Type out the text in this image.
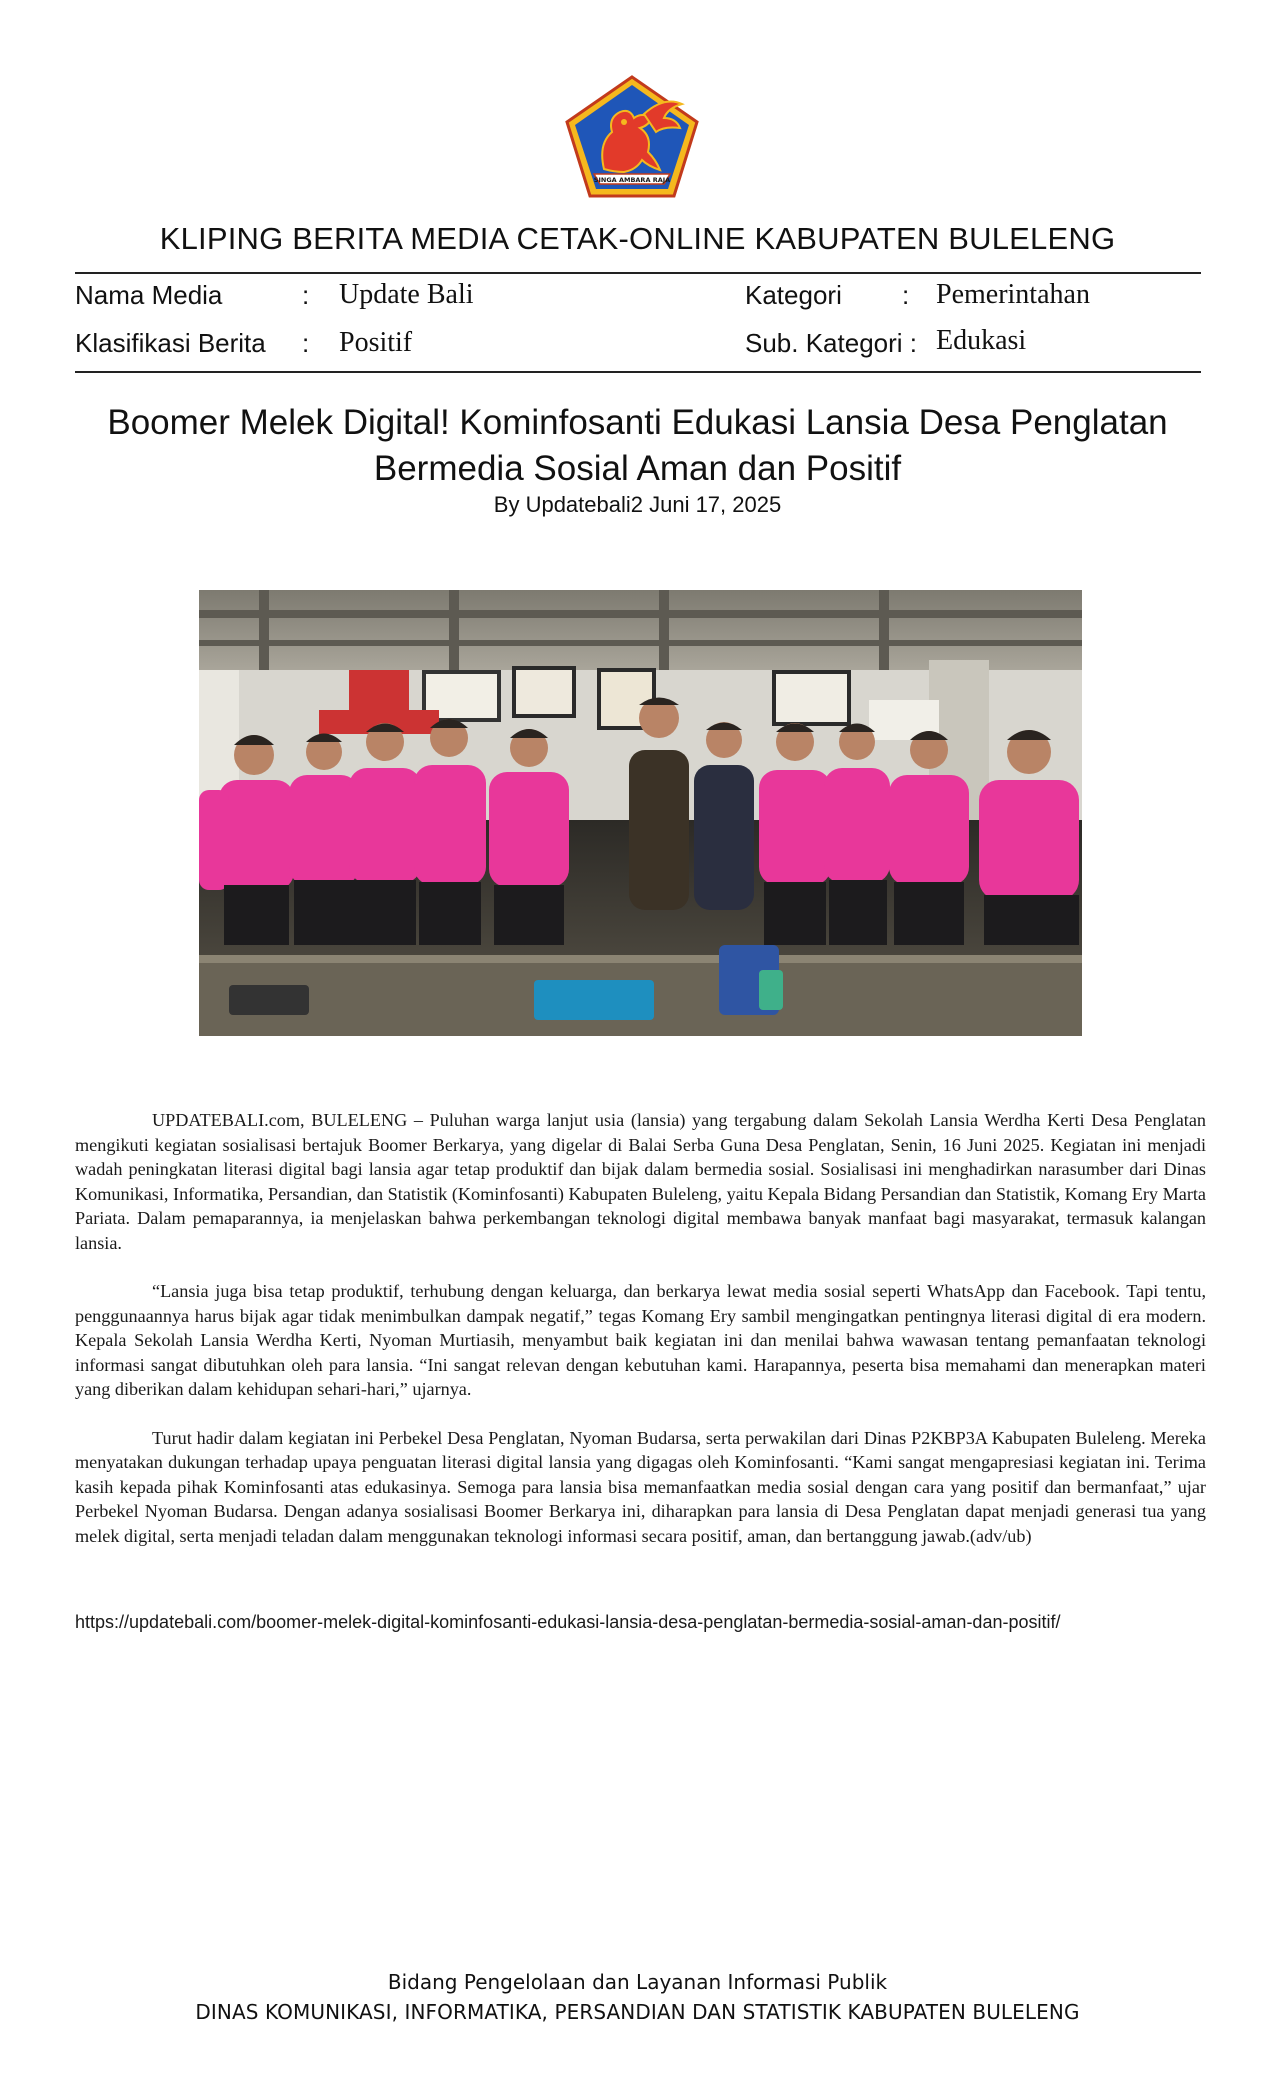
SINGA AMBARA RAJA
KLIPING BERITA MEDIA CETAK-ONLINE KABUPATEN BULELENG
Nama Media	: Update Bali
Klasifikasi Berita : Positif
Kategori : Pemerintahan
Sub. Kategori : Edukasi
Boomer Melek Digital! Kominfosanti Edukasi Lansia Desa Penglatan
Bermedia Sosial Aman dan Positif
By Updatebali2 Juni 17, 2025

UPDATEBALI.com, BULELENG – Puluhan warga lanjut usia (lansia) yang tergabung dalam Sekolah Lansia Werdha Kerti Desa Penglatan mengikuti kegiatan sosialisasi bertajuk Boomer Berkarya, yang digelar di Balai Serba Guna Desa Penglatan, Senin, 16 Juni 2025. Kegiatan ini menjadi wadah peningkatan literasi digital bagi lansia agar tetap produktif dan bijak dalam bermedia sosial. Sosialisasi ini menghadirkan narasumber dari Dinas Komunikasi, Informatika, Persandian, dan Statistik (Kominfosanti) Kabupaten Buleleng, yaitu Kepala Bidang Persandian dan Statistik, Komang Ery Marta Pariata. Dalam pemaparannya, ia menjelaskan bahwa perkembangan teknologi digital membawa banyak manfaat bagi masyarakat, termasuk kalangan lansia.

“Lansia juga bisa tetap produktif, terhubung dengan keluarga, dan berkarya lewat media sosial seperti WhatsApp dan Facebook. Tapi tentu, penggunaannya harus bijak agar tidak menimbulkan dampak negatif,” tegas Komang Ery sambil mengingatkan pentingnya literasi digital di era modern. Kepala Sekolah Lansia Werdha Kerti, Nyoman Murtiasih, menyambut baik kegiatan ini dan menilai bahwa wawasan tentang pemanfaatan teknologi informasi sangat dibutuhkan oleh para lansia. “Ini sangat relevan dengan kebutuhan kami. Harapannya, peserta bisa memahami dan menerapkan materi yang diberikan dalam kehidupan sehari-hari,” ujarnya.

Turut hadir dalam kegiatan ini Perbekel Desa Penglatan, Nyoman Budarsa, serta perwakilan dari Dinas P2KBP3A Kabupaten Buleleng. Mereka menyatakan dukungan terhadap upaya penguatan literasi digital lansia yang digagas oleh Kominfosanti. “Kami sangat mengapresiasi kegiatan ini. Terima kasih kepada pihak Kominfosanti atas edukasinya. Semoga para lansia bisa memanfaatkan media sosial dengan cara yang positif dan bermanfaat,” ujar Perbekel Nyoman Budarsa. Dengan adanya sosialisasi Boomer Berkarya ini, diharapkan para lansia di Desa Penglatan dapat menjadi generasi tua yang melek digital, serta menjadi teladan dalam menggunakan teknologi informasi secara positif, aman, dan bertanggung jawab.(adv/ub)

https://updatebali.com/boomer-melek-digital-kominfosanti-edukasi-lansia-desa-penglatan-bermedia-sosial-aman-dan-positif/
Bidang Pengelolaan dan Layanan Informasi Publik
DINAS KOMUNIKASI, INFORMATIKA, PERSANDIAN DAN STATISTIK KABUPATEN BULELENG
